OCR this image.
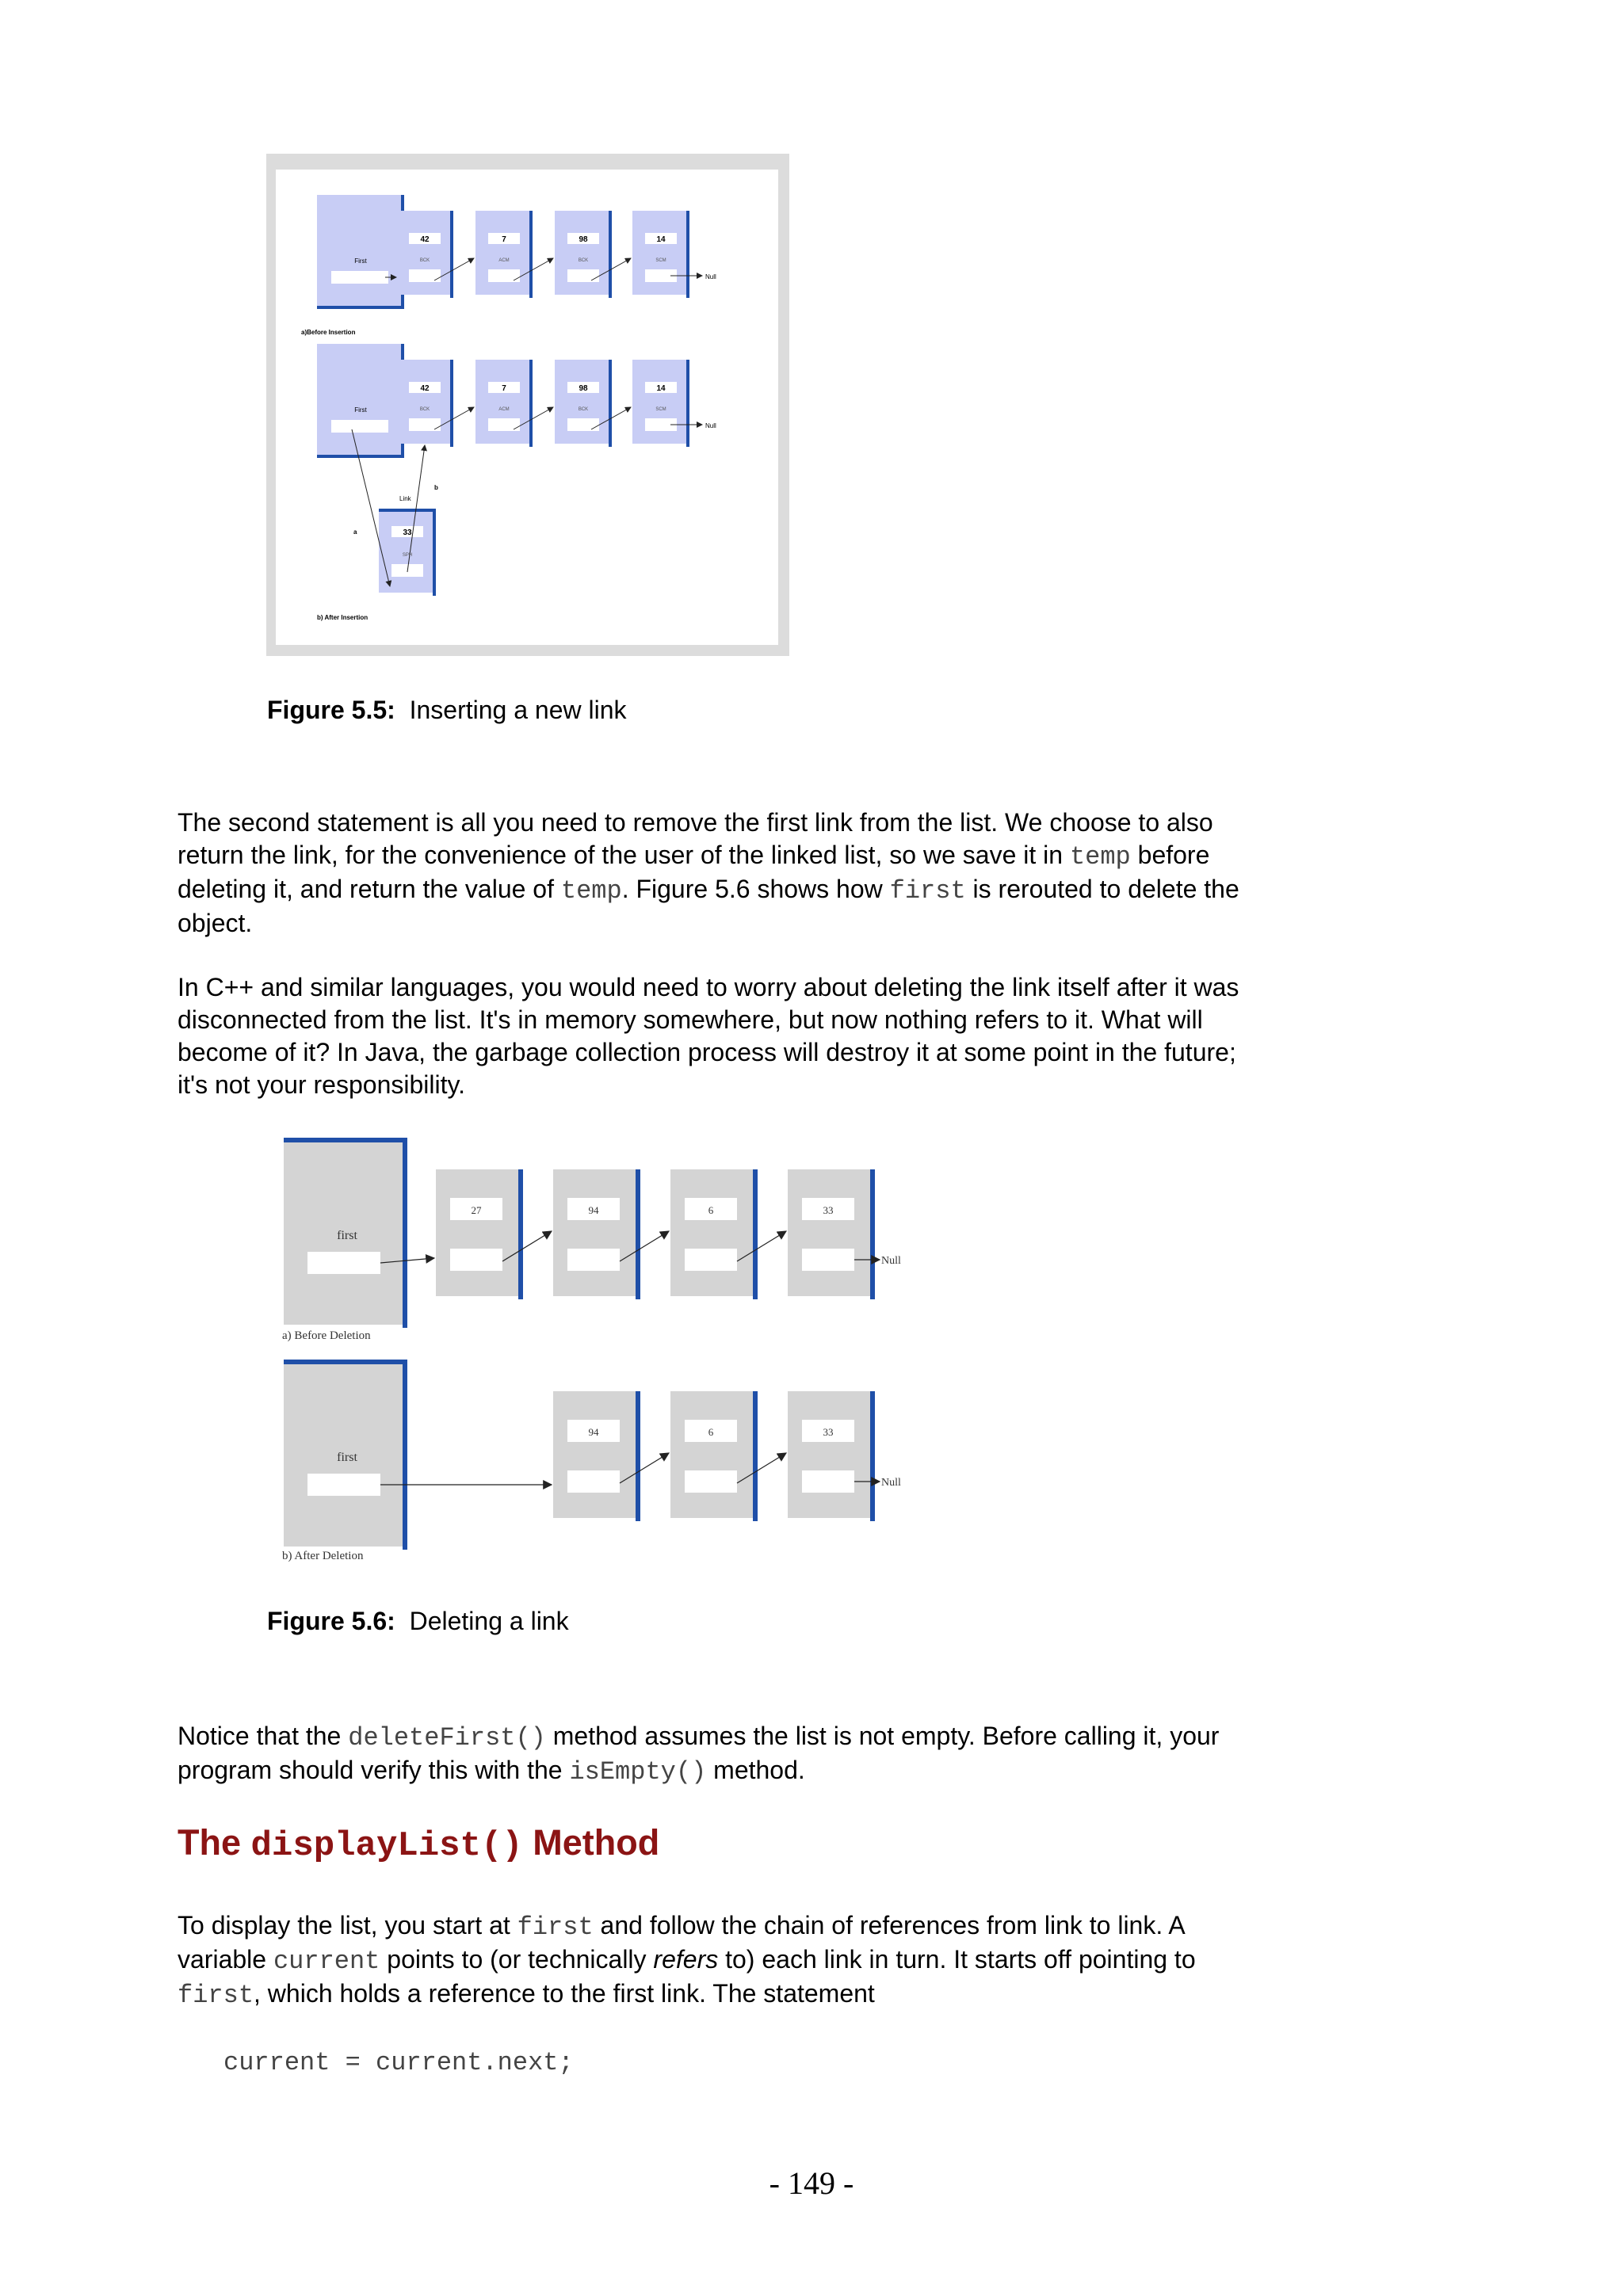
First
42
BCK
7
ACM
98
BCK
14
SCM
Null
a)Before Insertion
First
42
BCK
7
ACM
98
BCK
14
SCM
33
SPH
Link
Null
a
b
b) After Insertion
Figure 5.5: Inserting a new link

The second statement is all you need to remove the first link from the list. We choose to also return the link, for the convenience of the user of the linked list, so we save it in temp before deleting it, and return the value of temp. Figure 5.6 shows how first is rerouted to delete the object.

In C++ and similar languages, you would need to worry about deleting the link itself after it was disconnected from the list. It's in memory somewhere, but now nothing refers to it. What will become of it? In Java, the garbage collection process will destroy it at some point in the future; it's not your responsibility.

first
27	94	6	33
Null
a) Before Deletion
first
94	6	33
Null
b) After Deletion
Figure 5.6: Deleting a link

Notice that the deleteFirst() method assumes the list is not empty. Before calling it, your program should verify this with the isEmpty() method.

The displayList() Method

To display the list, you start at first and follow the chain of references from link to link. A variable current points to (or technically refers to) each link in turn. It starts off pointing to first, which holds a reference to the first link. The statement

current = current.next;
- 149 -
